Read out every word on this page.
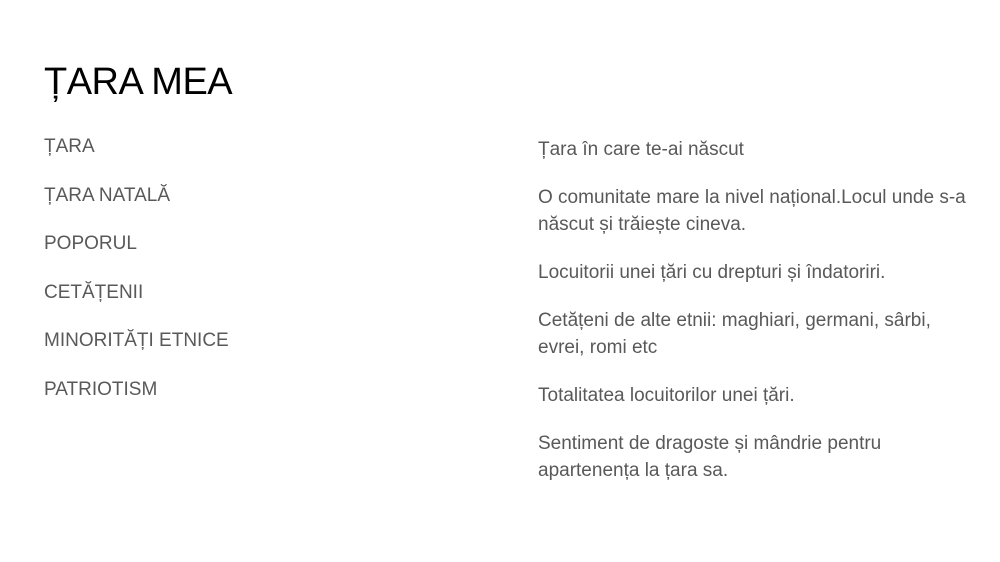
ȚARA MEA
ȚARA
ȚARA NATALĂ
POPORUL
CETĂȚENII
MINORITĂȚI ETNICE
PATRIOTISM
Țara în care te-ai născut
O comunitate mare la nivel național.Locul unde s-a născut și trăiește cineva.
Locuitorii unei țări cu drepturi și îndatoriri.
Cetățeni de alte etnii: maghiari, germani, sârbi, evrei, romi etc
Totalitatea locuitorilor unei țări.
Sentiment de dragoste și mândrie pentru apartenența la țara sa.
